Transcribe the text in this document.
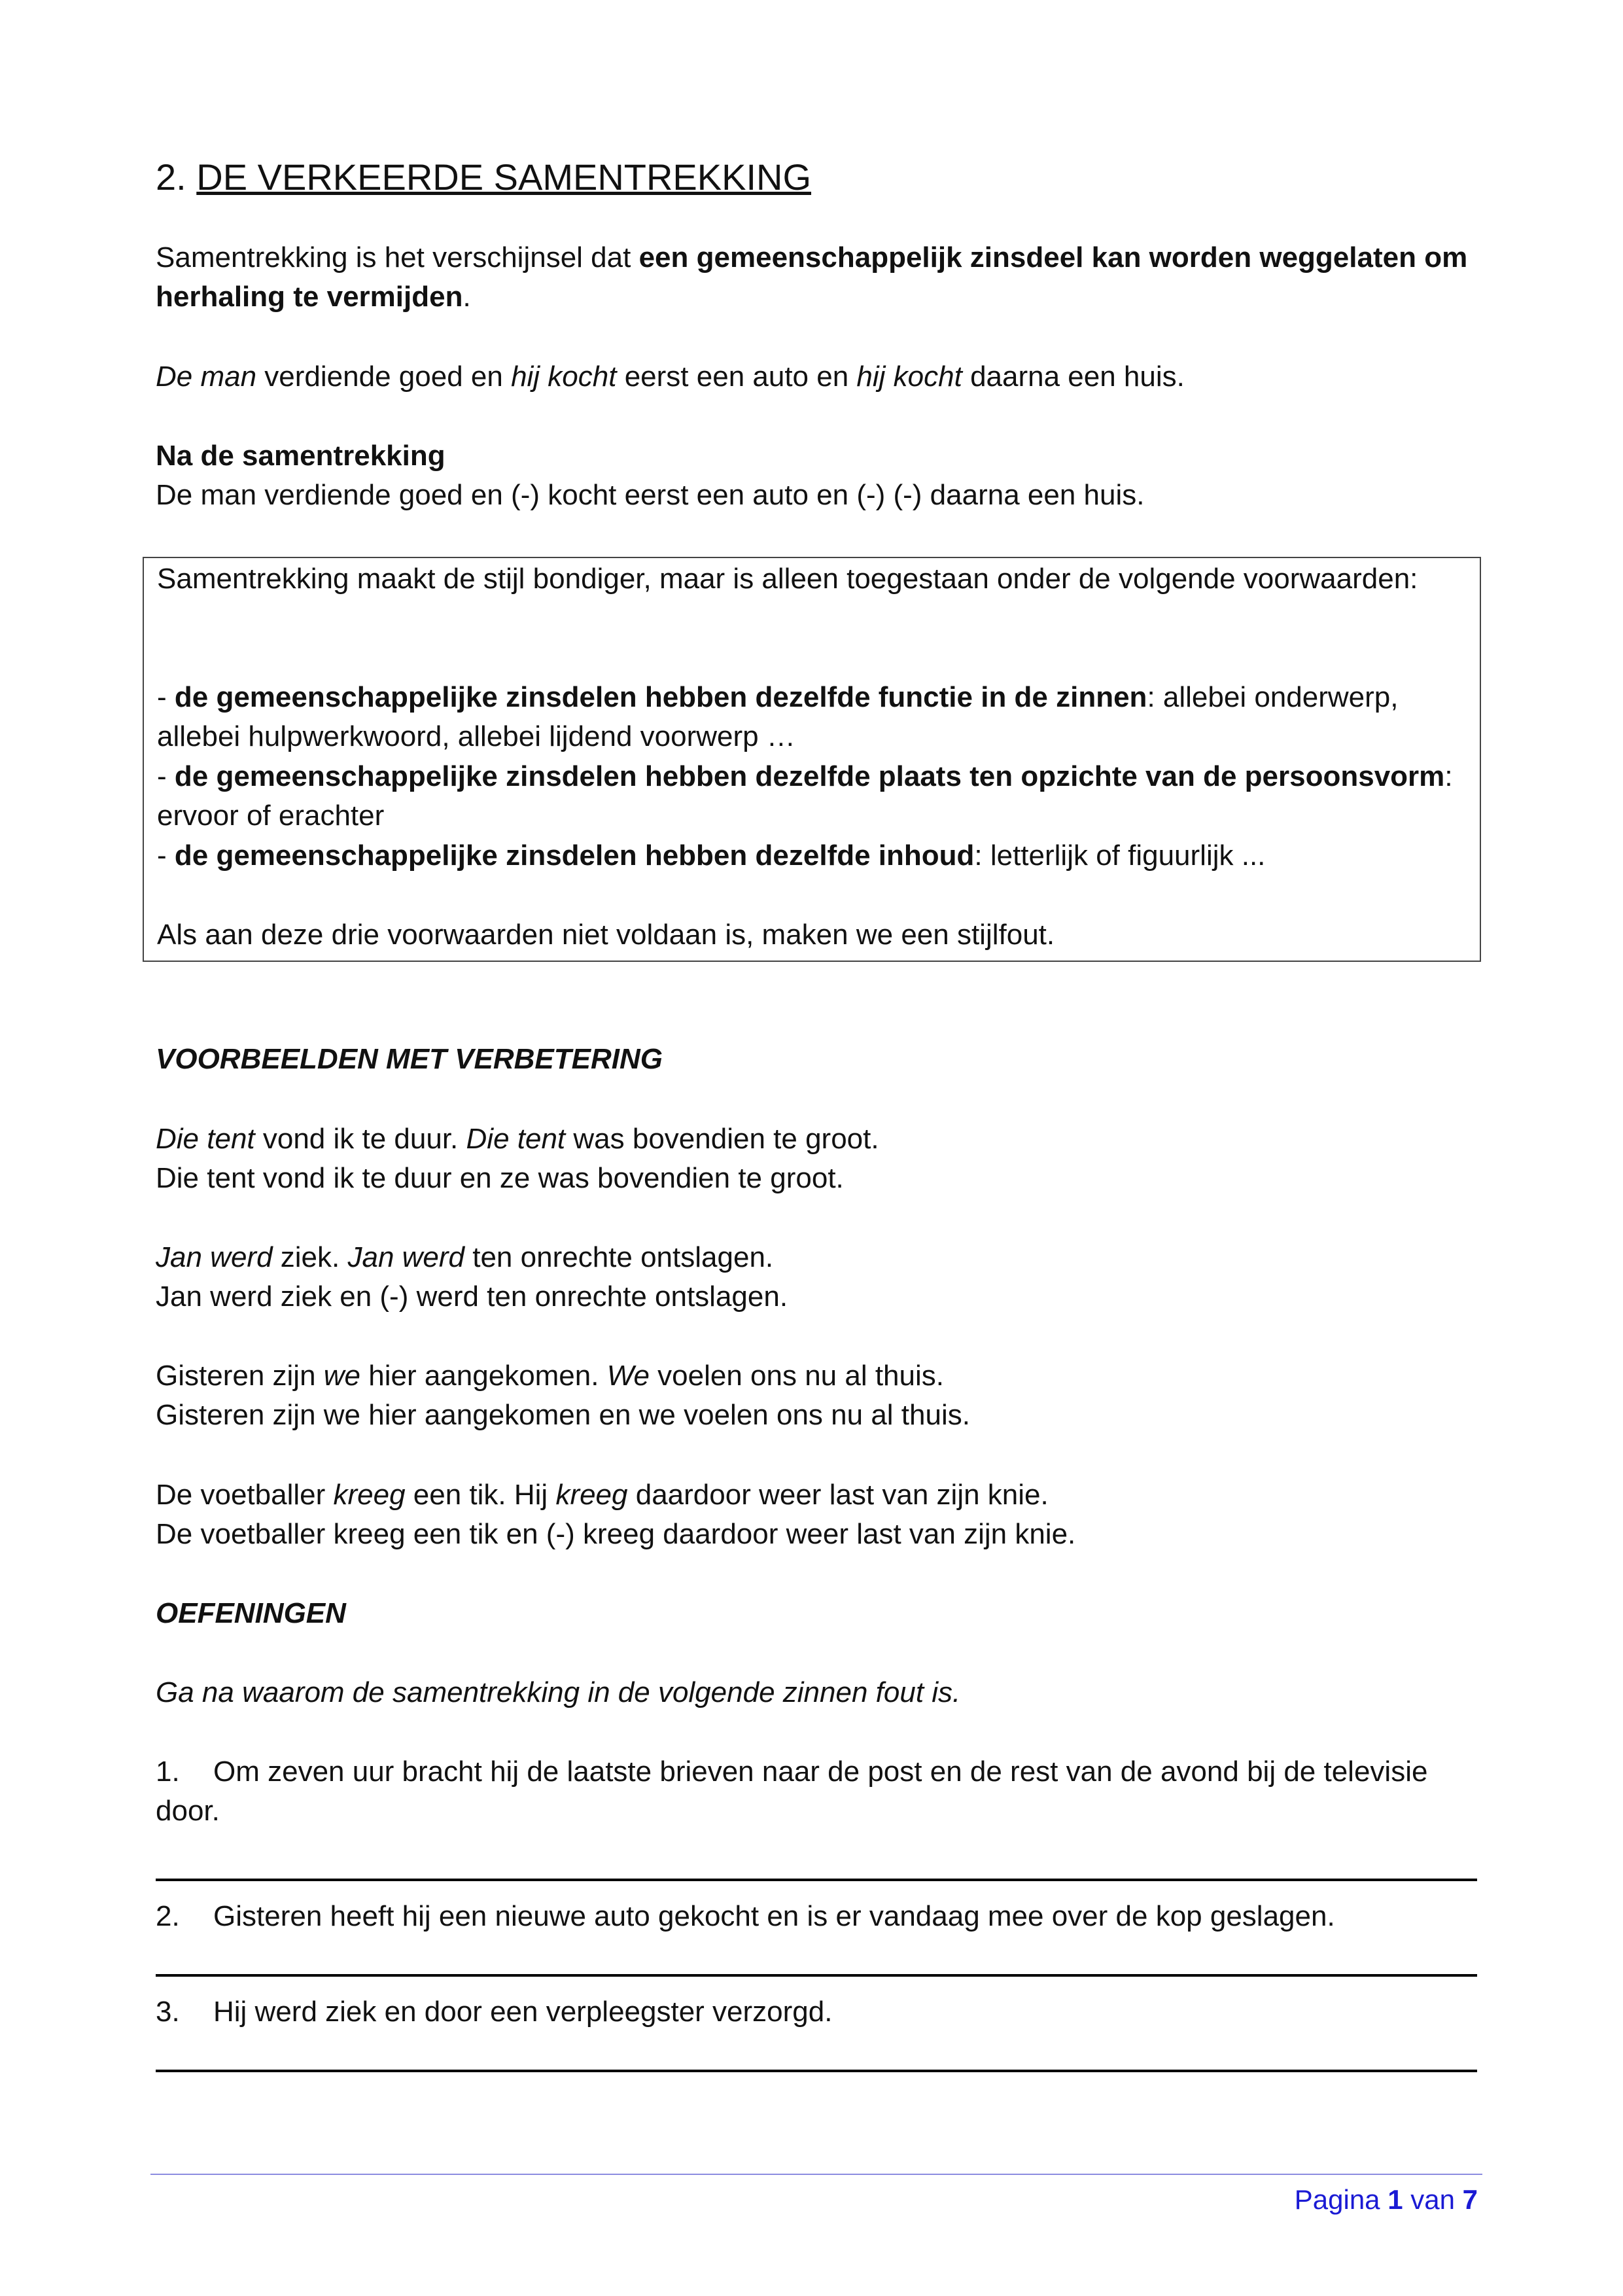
2. DE VERKEERDE SAMENTREKKING

Samentrekking is het verschijnsel dat een gemeenschappelijk zinsdeel kan worden weggelaten om herhaling te vermijden.

De man verdiende goed en hij kocht eerst een auto en hij kocht daarna een huis.

Na de samentrekking

De man verdiende goed en (-) kocht eerst een auto en (-) (-) daarna een huis.

Samentrekking maakt de stijl bondiger, maar is alleen toegestaan onder de volgende voorwaarden:

- de gemeenschappelijke zinsdelen hebben dezelfde functie in de zinnen: allebei onderwerp, allebei hulpwerkwoord, allebei lijdend voorwerp …

- de gemeenschappelijke zinsdelen hebben dezelfde plaats ten opzichte van de persoonsvorm: ervoor of erachter

- de gemeenschappelijke zinsdelen hebben dezelfde inhoud: letterlijk of figuurlijk ...

Als aan deze drie voorwaarden niet voldaan is, maken we een stijlfout.

VOORBEELDEN MET VERBETERING

Die tent vond ik te duur. Die tent was bovendien te groot.

Die tent vond ik te duur en ze was bovendien te groot.

Jan werd ziek. Jan werd ten onrechte ontslagen.

Jan werd ziek en (-) werd ten onrechte ontslagen.

Gisteren zijn we hier aangekomen. We voelen ons nu al thuis.

Gisteren zijn we hier aangekomen en we voelen ons nu al thuis.

De voetballer kreeg een tik. Hij kreeg daardoor weer last van zijn knie.

De voetballer kreeg een tik en (-) kreeg daardoor weer last van zijn knie.

OEFENINGEN

Ga na waarom de samentrekking in de volgende zinnen fout is.

1. Om zeven uur bracht hij de laatste brieven naar de post en de rest van de avond bij de televisie door.

2. Gisteren heeft hij een nieuwe auto gekocht en is er vandaag mee over de kop geslagen.

3. Hij werd ziek en door een verpleegster verzorgd.

Pagina 1 van 7
